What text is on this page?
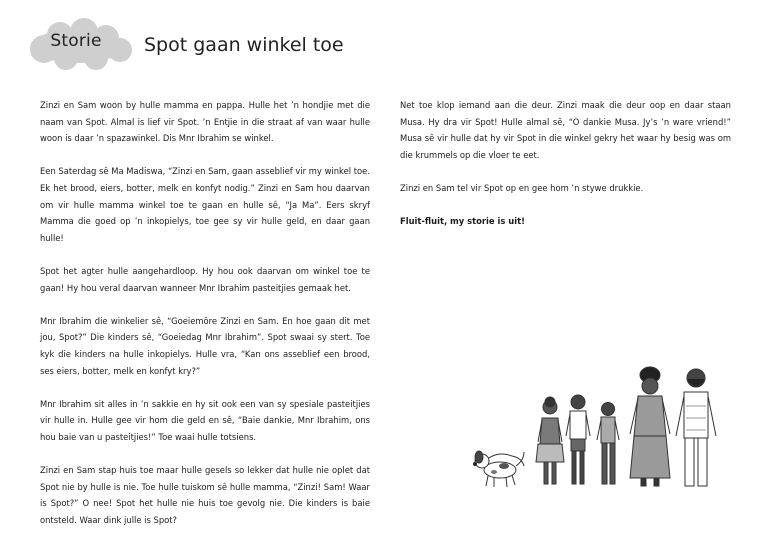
Storie	Spot gaan winkel toe

Zinzi en Sam woon by hulle mamma en pappa. Hulle het ’n hondjie met die naam van Spot. Almal is lief vir Spot. ’n Entjie in die straat af van waar hulle woon is daar ’n spazawinkel. Dis Mnr Ibrahim se winkel.

Een Saterdag sê Ma Madiswa, “Zinzi en Sam, gaan asseblief vir my winkel toe. Ek het brood, eiers, botter, melk en konfyt nodig.” Zinzi en Sam hou daarvan om vir hulle mamma winkel toe te gaan en hulle sê, “Ja Ma”. Eers skryf Mamma die goed op ’n inkopielys, toe gee sy vir hulle geld, en daar gaan hulle!

Spot het agter hulle aangehardloop. Hy hou ook daarvan om winkel toe te gaan! Hy hou veral daarvan wanneer Mnr Ibrahim pasteitjies gemaak het.

Mnr Ibrahim die winkelier sê, “Goeiemôre Zinzi en Sam. En hoe gaan dit met jou, Spot?” Die kinders sê, “Goeiedag Mnr Ibrahim”. Spot swaai sy stert. Toe kyk die kinders na hulle inkopielys. Hulle vra, “Kan ons asseblief een brood, ses eiers, botter, melk en konfyt kry?”

Mnr Ibrahim sit alles in ’n sakkie en hy sit ook een van sy spesiale pasteitjies vir hulle in. Hulle gee vir hom die geld en sê, “Baie dankie, Mnr Ibrahim, ons hou baie van u pasteitjies!” Toe waai hulle totsiens.

Zinzi en Sam stap huis toe maar hulle gesels so lekker dat hulle nie oplet dat Spot nie by hulle is nie. Toe hulle tuiskom sê hulle mamma, “Zinzi! Sam! Waar is Spot?” O nee! Spot het hulle nie huis toe gevolg nie. Die kinders is baie ontsteld. Waar dink julle is Spot?

Net toe klop iemand aan die deur. Zinzi maak die deur oop en daar staan Musa. Hy dra vir Spot! Hulle almal sê, “O dankie Musa. Jy’s ’n ware vriend!” Musa sê vir hulle dat hy vir Spot in die winkel gekry het waar hy besig was om die krummels op die vloer te eet.

Zinzi en Sam tel vir Spot op en gee hom ’n stywe drukkie.

Fluit-fluit, my storie is uit!
